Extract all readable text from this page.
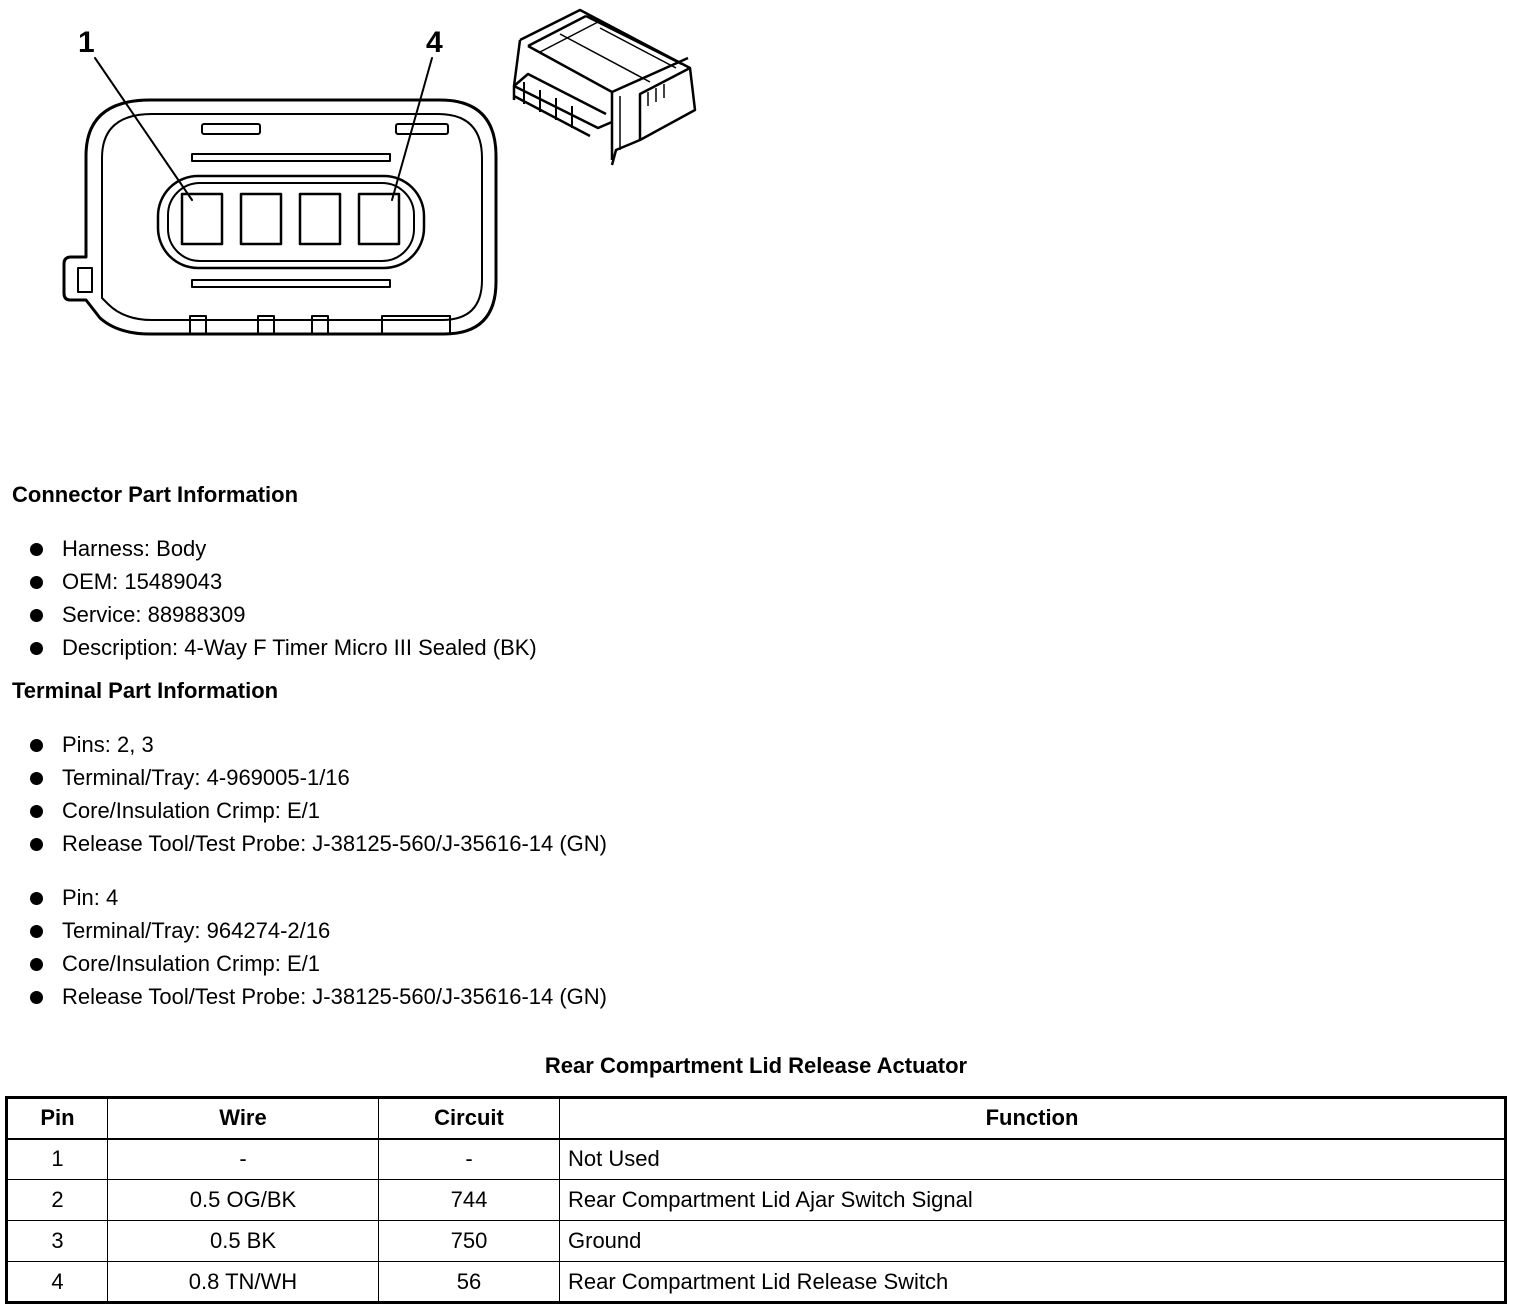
1	4
Connector Part Information
Harness: Body
OEM: 15489043
Service: 88988309
Description: 4-Way F Timer Micro III Sealed (BK)
Terminal Part Information
Pins: 2, 3
Terminal/Tray: 4-969005-1/16
Core/Insulation Crimp: E/1
Release Tool/Test Probe: J-38125-560/J-35616-14 (GN)
Pin: 4
Terminal/Tray: 964274-2/16
Core/Insulation Crimp: E/1
Release Tool/Test Probe: J-38125-560/J-35616-14 (GN)
Rear Compartment Lid Release Actuator
Pin	Wire	Circuit	Function
1	-	-	Not Used
2	0.5 OG/BK	744	Rear Compartment Lid Ajar Switch Signal
3	0.5 BK	750	Ground
4	0.8 TN/WH	56	Rear Compartment Lid Release Switch
